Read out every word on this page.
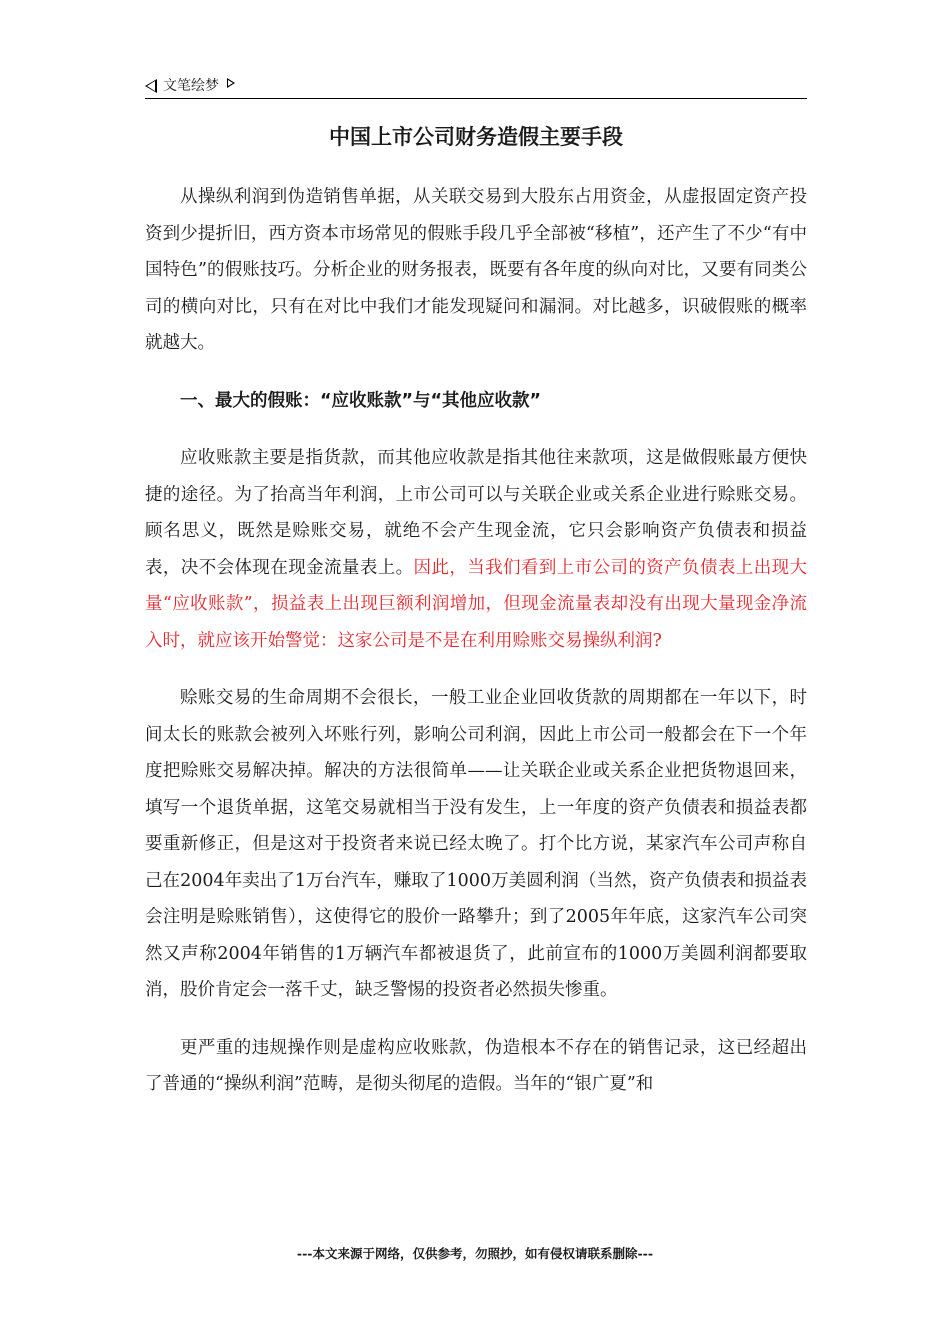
文笔绘梦
中国上市公司财务造假主要手段

从操纵利润到伪造销售单据，从关联交易到大股东占用资金，从虚报固定资产投资到少提折旧，西方资本市场常见的假账手段几乎全部被“移植”，还产生了不少“有中国特色”的假账技巧。分析企业的财务报表，既要有各年度的纵向对比，又要有同类公司的横向对比，只有在对比中我们才能发现疑问和漏洞。对比越多，识破假账的概率就越大。

一、最大的假账：“应收账款”与“其他应收款”

应收账款主要是指货款，而其他应收款是指其他往来款项，这是做假账最方便快捷的途径。为了抬高当年利润，上市公司可以与关联企业或关系企业进行赊账交易。顾名思义，既然是赊账交易，就绝不会产生现金流，它只会影响资产负债表和损益表，决不会体现在现金流量表上。因此，当我们看到上市公司的资产负债表上出现大量“应收账款”，损益表上出现巨额利润增加，但现金流量表却没有出现大量现金净流入时，就应该开始警觉：这家公司是不是在利用赊账交易操纵利润?

赊账交易的生命周期不会很长，一般工业企业回收货款的周期都在一年以下，时间太长的账款会被列入坏账行列，影响公司利润，因此上市公司一般都会在下一个年度把赊账交易解决掉。解决的方法很简单——让关联企业或关系企业把货物退回来，填写一个退货单据，这笔交易就相当于没有发生，上一年度的资产负债表和损益表都要重新修正，但是这对于投资者来说已经太晚了。打个比方说，某家汽车公司声称自己在2004年卖出了1万台汽车，赚取了1000万美圆利润（当然，资产负债表和损益表会注明是赊账销售），这使得它的股价一路攀升；到了2005年年底，这家汽车公司突然又声称2004年销售的1万辆汽车都被退货了，此前宣布的1000万美圆利润都要取消，股价肯定会一落千丈，缺乏警惕的投资者必然损失惨重。

更严重的违规操作则是虚构应收账款，伪造根本不存在的销售记录，这已经超出了普通的“操纵利润”范畴，是彻头彻尾的造假。当年的“银广夏”和

---本文来源于网络，仅供参考，勿照抄，如有侵权请联系删除---
